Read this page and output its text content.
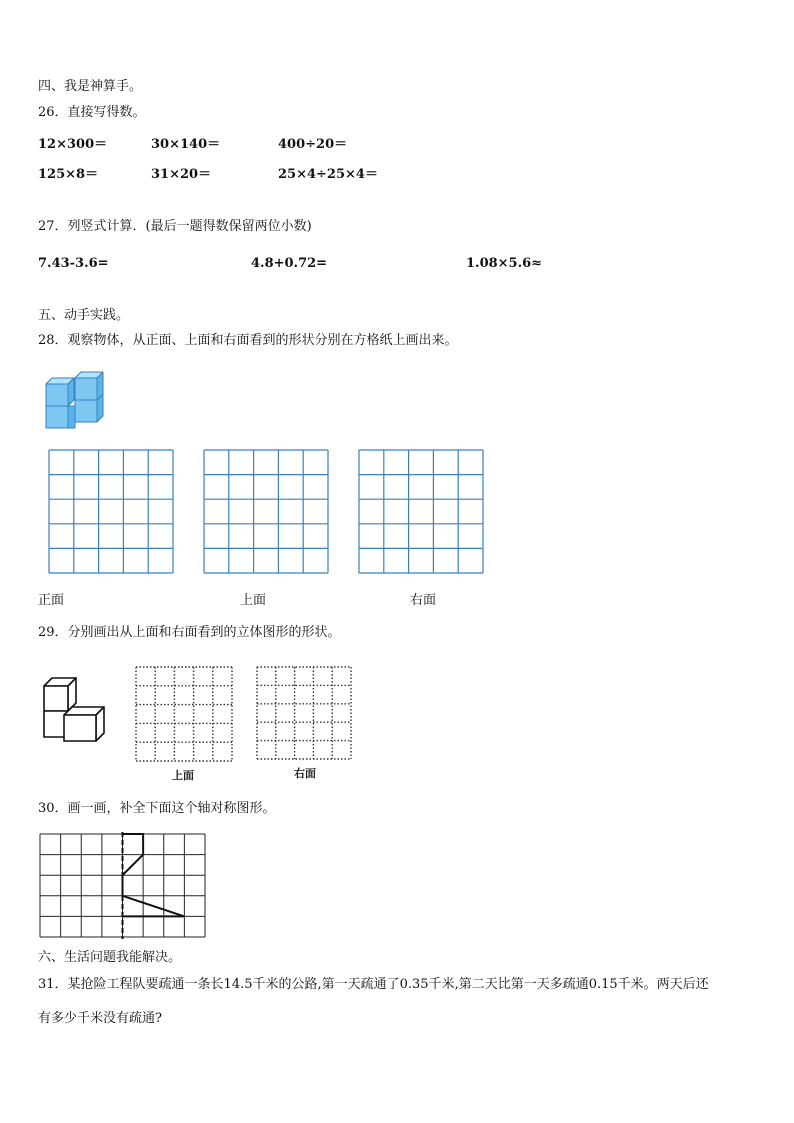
四、我是神算手。
26．直接写得数。
12×300＝	30×140＝	400÷20＝
125×8＝	31×20＝	25×4÷25×4＝
27．列竖式计算．(最后一题得数保留两位小数)
7.43-3.6=	4.8+0.72=	1.08×5.6≈
五、动手实践。
28．观察物体，从正面、上面和右面看到的形状分别在方格纸上画出来。
正面	上面	右面
29．分别画出从上面和右面看到的立体图形的形状。
上面	右面
30．画一画，补全下面这个轴对称图形。
六、生活问题我能解决。
31．某抢险工程队要疏通一条长14.5千米的公路,第一天疏通了0.35千米,第二天比第一天多疏通0.15千米。两天后还
有多少千米没有疏通?
